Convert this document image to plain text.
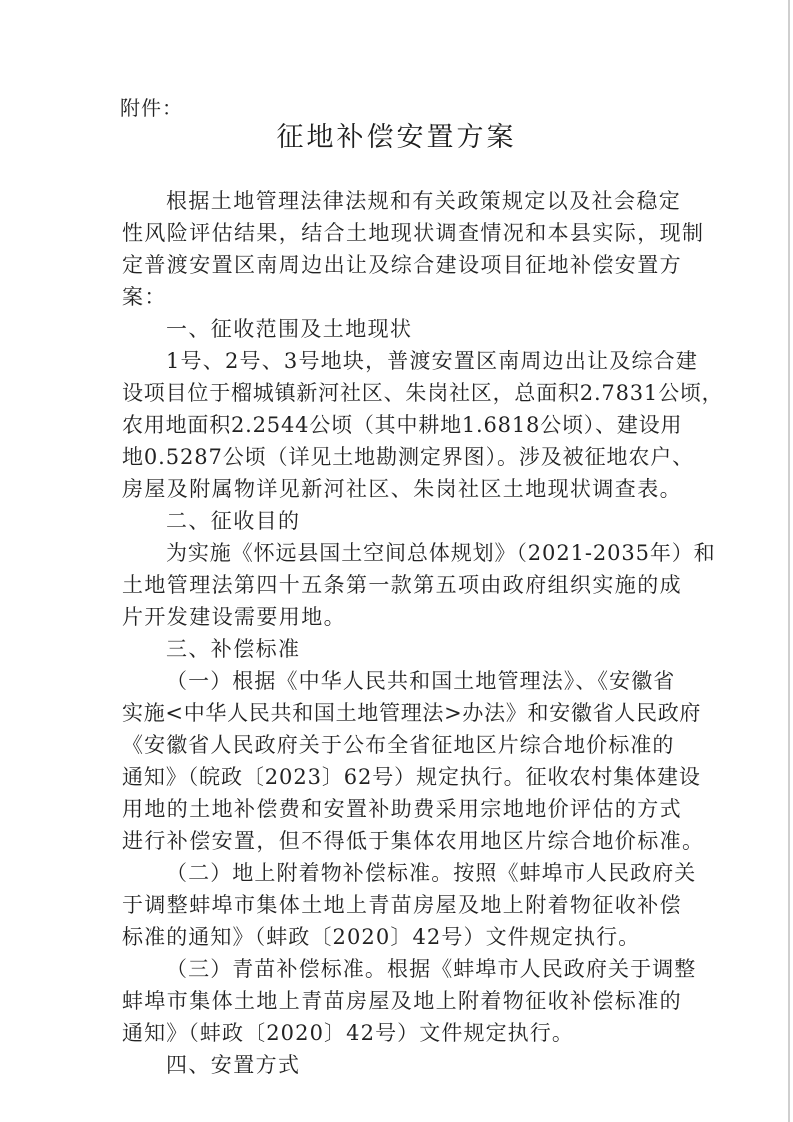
附件：
征地补偿安置方案
根据土地管理法律法规和有关政策规定以及社会稳定
性风险评估结果，结合土地现状调查情况和本县实际，现制
定普渡安置区南周边出让及综合建设项目征地补偿安置方
案：
一、征收范围及土地现状
1号、2号、3号地块，普渡安置区南周边出让及综合建
设项目位于榴城镇新河社区、朱岗社区，总面积2.7831公顷，
农用地面积2.2544公顷（其中耕地1.6818公顷）、建设用
地0.5287公顷（详见土地勘测定界图）。涉及被征地农户、
房屋及附属物详见新河社区、朱岗社区土地现状调查表。
二、征收目的
为实施《怀远县国土空间总体规划》（2021-2035年）和
土地管理法第四十五条第一款第五项由政府组织实施的成
片开发建设需要用地。
三、补偿标准
（一）根据《中华人民共和国土地管理法》、《安徽省
实施<中华人民共和国土地管理法>办法》和安徽省人民政府
《安徽省人民政府关于公布全省征地区片综合地价标准的
通知》（皖政〔2023〕62号）规定执行。征收农村集体建设
用地的土地补偿费和安置补助费采用宗地地价评估的方式
进行补偿安置，但不得低于集体农用地区片综合地价标准。
（二）地上附着物补偿标准。按照《蚌埠市人民政府关
于调整蚌埠市集体土地上青苗房屋及地上附着物征收补偿
标准的通知》（蚌政〔2020〕42号）文件规定执行。
（三）青苗补偿标准。根据《蚌埠市人民政府关于调整
蚌埠市集体土地上青苗房屋及地上附着物征收补偿标准的
通知》（蚌政〔2020〕42号）文件规定执行。
四、安置方式
